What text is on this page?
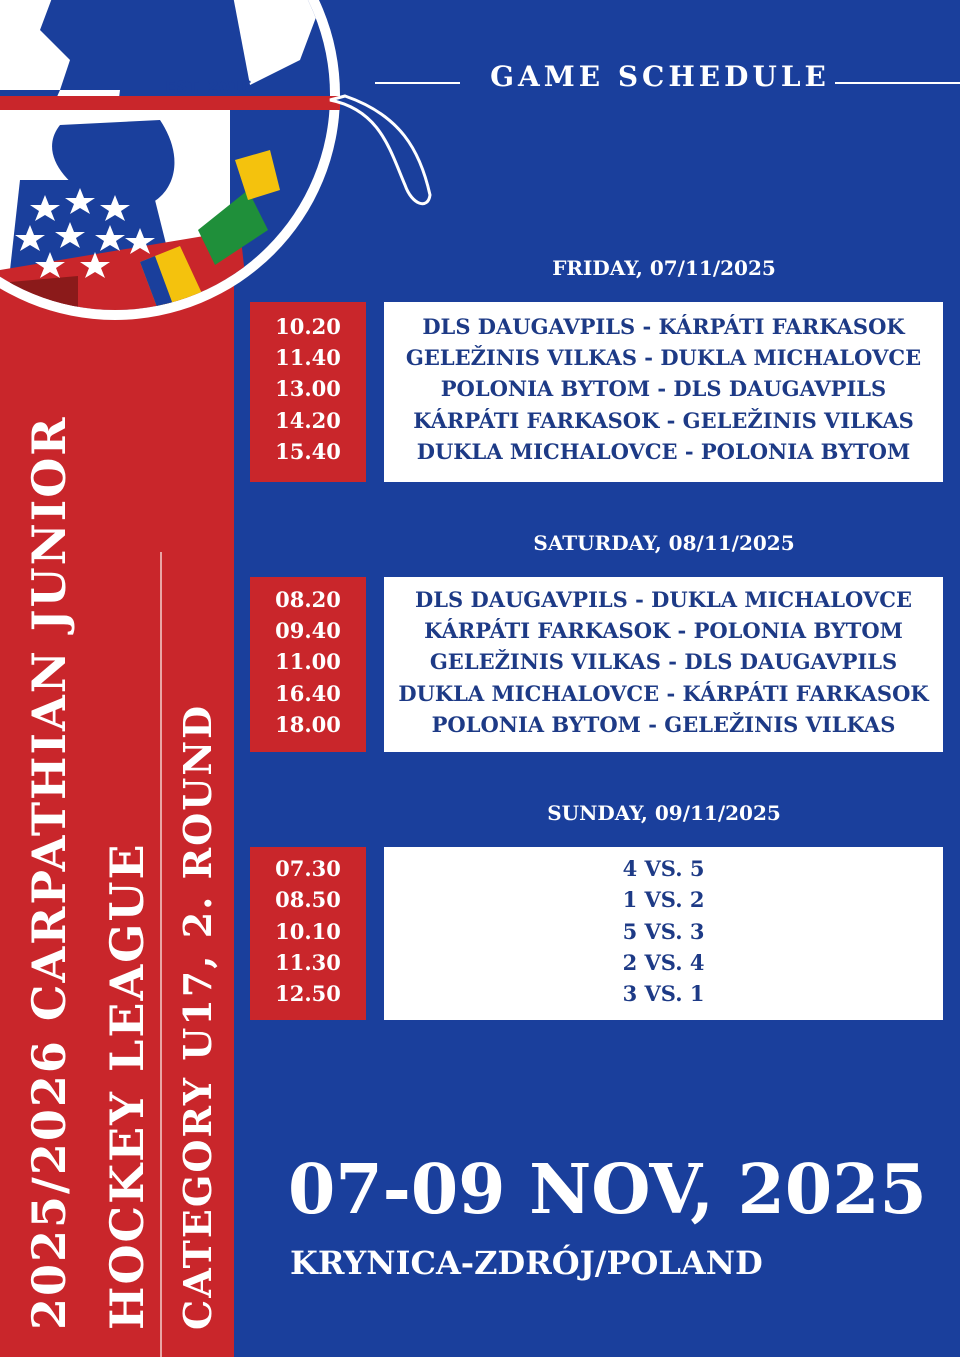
2025/2026 CARPATHIAN JUNIOR HOCKEY LEAGUE CATEGORY U17, 2. ROUND
EST. 2016
GUE
GAME SCHEDULE
FRIDAY, 07/11/2025
10.20
11.40
13.00
14.20
15.40
DLS DAUGAVPILS - KÁRPÁTI FARKASOK
GELEŽINIS VILKAS - DUKLA MICHALOVCE
POLONIA BYTOM - DLS DAUGAVPILS
KÁRPÁTI FARKASOK - GELEŽINIS VILKAS
DUKLA MICHALOVCE - POLONIA BYTOM
SATURDAY, 08/11/2025
08.20
09.40
11.00
16.40
18.00
DLS DAUGAVPILS - DUKLA MICHALOVCE
KÁRPÁTI FARKASOK - POLONIA BYTOM
GELEŽINIS VILKAS - DLS DAUGAVPILS
DUKLA MICHALOVCE - KÁRPÁTI FARKASOK
POLONIA BYTOM - GELEŽINIS VILKAS
SUNDAY, 09/11/2025
07.30
08.50
10.10
11.30
12.50
4 VS. 5
1 VS. 2
5 VS. 3
2 VS. 4
3 VS. 1
07-09 NOV, 2025
KRYNICA-ZDRÓJ/POLAND
